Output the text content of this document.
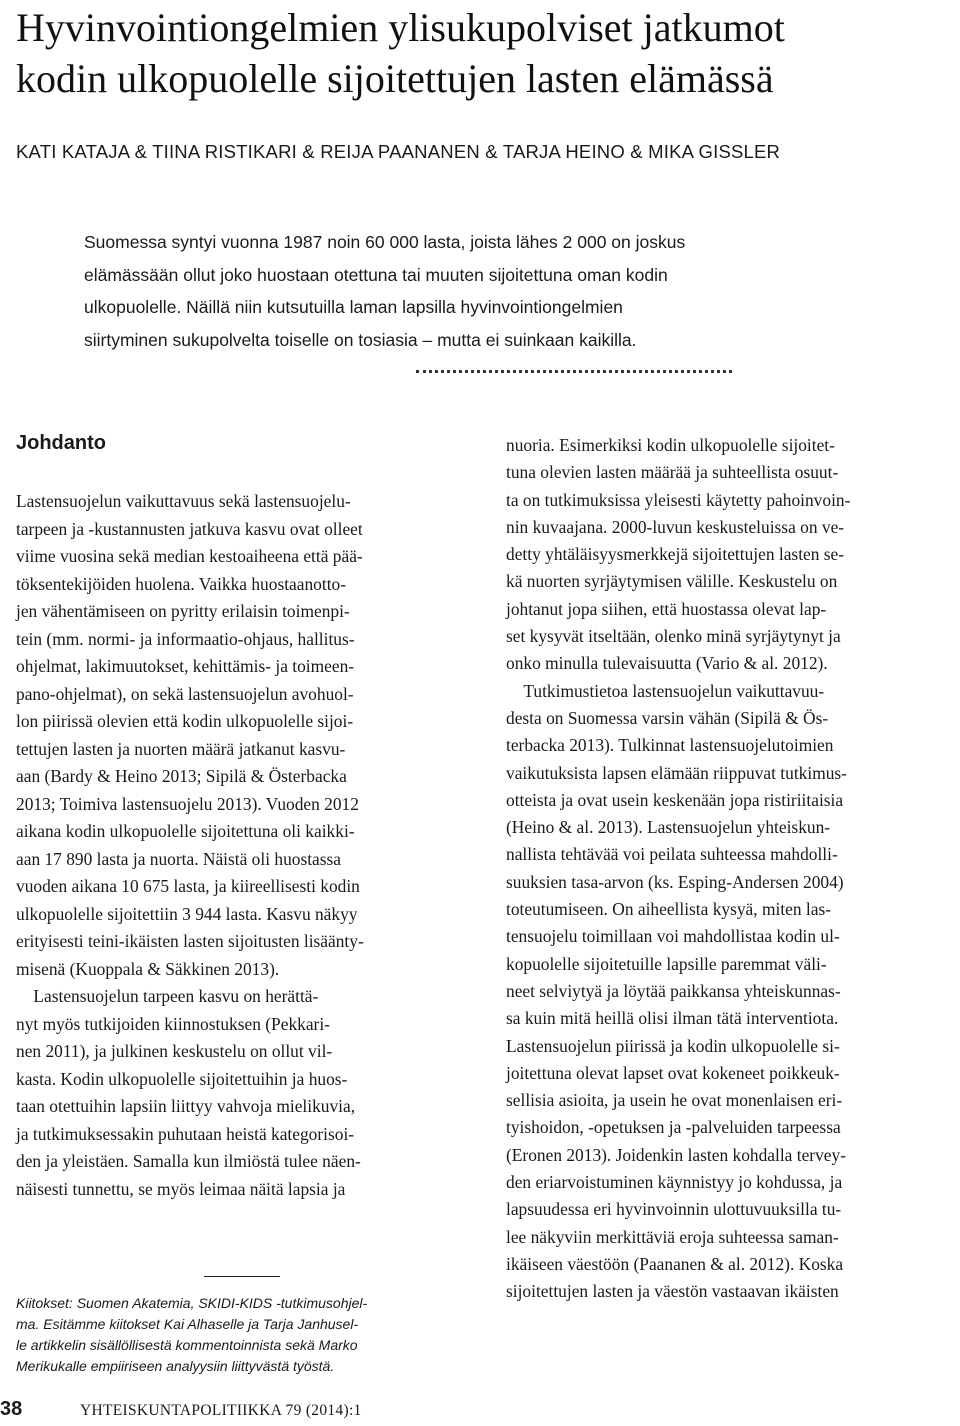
Hyvinvointiongelmien ylisukupolviset jatkumot
kodin ulkopuolelle sijoitettujen lasten elämässä

KATI KATAJA & TIINA RISTIKARI & REIJA PAANANEN & TARJA HEINO & MIKA GISSLER

Suomessa syntyi vuonna 1987 noin 60 000 lasta, joista lähes 2 000 on joskus
elämässään ollut joko huostaan otettuna tai muuten sijoitettuna oman kodin
ulkopuolelle. Näillä niin kutsutuilla laman lapsilla hyvinvointiongelmien
siirtyminen sukupolvelta toiselle on tosiasia – mutta ei suinkaan kaikilla.

Johdanto

Lastensuojelun vaikuttavuus sekä lastensuojelu-
tarpeen ja -kustannusten jatkuva kasvu ovat olleet
viime vuosina sekä median kestoaiheena että pää-
töksentekijöiden huolena. Vaikka huostaanotto-
jen vähentämiseen on pyritty erilaisin toimenpi-
tein (mm. normi- ja informaatio-ohjaus, hallitus-
ohjelmat, lakimuutokset, kehittämis- ja toimeen-
pano-ohjelmat), on sekä lastensuojelun avohuol-
lon piirissä olevien että kodin ulkopuolelle sijoi-
tettujen lasten ja nuorten määrä jatkanut kasvu-
aan (Bardy & Heino 2013; Sipilä & Österbacka
2013; Toimiva lastensuojelu 2013). Vuoden 2012
aikana kodin ulkopuolelle sijoitettuna oli kaikki-
aan 17 890 lasta ja nuorta. Näistä oli huostassa
vuoden aikana 10 675 lasta, ja kiireellisesti kodin
ulkopuolelle sijoitettiin 3 944 lasta. Kasvu näkyy
erityisesti teini-ikäisten lasten sijoitusten lisäänty-
misenä (Kuoppala & Säkkinen 2013).
 Lastensuojelun tarpeen kasvu on herättä-
nyt myös tutkijoiden kiinnostuksen (Pekkari-
nen 2011), ja julkinen keskustelu on ollut vil-
kasta. Kodin ulkopuolelle sijoitettuihin ja huos-
taan otettuihin lapsiin liittyy vahvoja mielikuvia,
ja tutkimuksessakin puhutaan heistä kategorisoi-
den ja yleistäen. Samalla kun ilmiöstä tulee näen-
näisesti tunnettu, se myös leimaa näitä lapsia ja

nuoria. Esimerkiksi kodin ulkopuolelle sijoitet-
tuna olevien lasten määrää ja suhteellista osuut-
ta on tutkimuksissa yleisesti käytetty pahoinvoin-
nin kuvaajana. 2000-luvun keskusteluissa on ve-
detty yhtäläisyysmerkkejä sijoitettujen lasten se-
kä nuorten syrjäytymisen välille. Keskustelu on
johtanut jopa siihen, että huostassa olevat lap-
set kysyvät itseltään, olenko minä syrjäytynyt ja
onko minulla tulevaisuutta (Vario & al. 2012).
 Tutkimustietoa lastensuojelun vaikuttavuu-
desta on Suomessa varsin vähän (Sipilä & Ös-
terbacka 2013). Tulkinnat lastensuojelutoimien
vaikutuksista lapsen elämään riippuvat tutkimus-
otteista ja ovat usein keskenään jopa ristiriitaisia
(Heino & al. 2013). Lastensuojelun yhteiskun-
nallista tehtävää voi peilata suhteessa mahdolli-
suuksien tasa-arvon (ks. Esping-Andersen 2004)
toteutumiseen. On aiheellista kysyä, miten las-
tensuojelu toimillaan voi mahdollistaa kodin ul-
kopuolelle sijoitetuille lapsille paremmat väli-
neet selviytyä ja löytää paikkansa yhteiskunnas-
sa kuin mitä heillä olisi ilman tätä interventiota.
Lastensuojelun piirissä ja kodin ulkopuolelle si-
joitettuna olevat lapset ovat kokeneet poikkeuk-
sellisia asioita, ja usein he ovat monenlaisen eri-
tyishoidon, -opetuksen ja -palveluiden tarpeessa
(Eronen 2013). Joidenkin lasten kohdalla tervey-
den eriarvoistuminen käynnistyy jo kohdussa, ja
lapsuudessa eri hyvinvoinnin ulottuvuuksilla tu-
lee näkyviin merkittäviä eroja suhteessa saman-
ikäiseen väestöön (Paananen & al. 2012). Koska
sijoitettujen lasten ja väestön vastaavan ikäisten

Kiitokset: Suomen Akatemia, SKIDI-KIDS -tutkimusohjel-
ma. Esitämme kiitokset Kai Alhaselle ja Tarja Janhusel-
le artikkelin sisällöllisestä kommentoinnista sekä Marko
Merikukalle empiiriseen analyysiin liittyvästä työstä.

38	YHTEISKUNTAPOLITIIKKA 79 (2014):1
